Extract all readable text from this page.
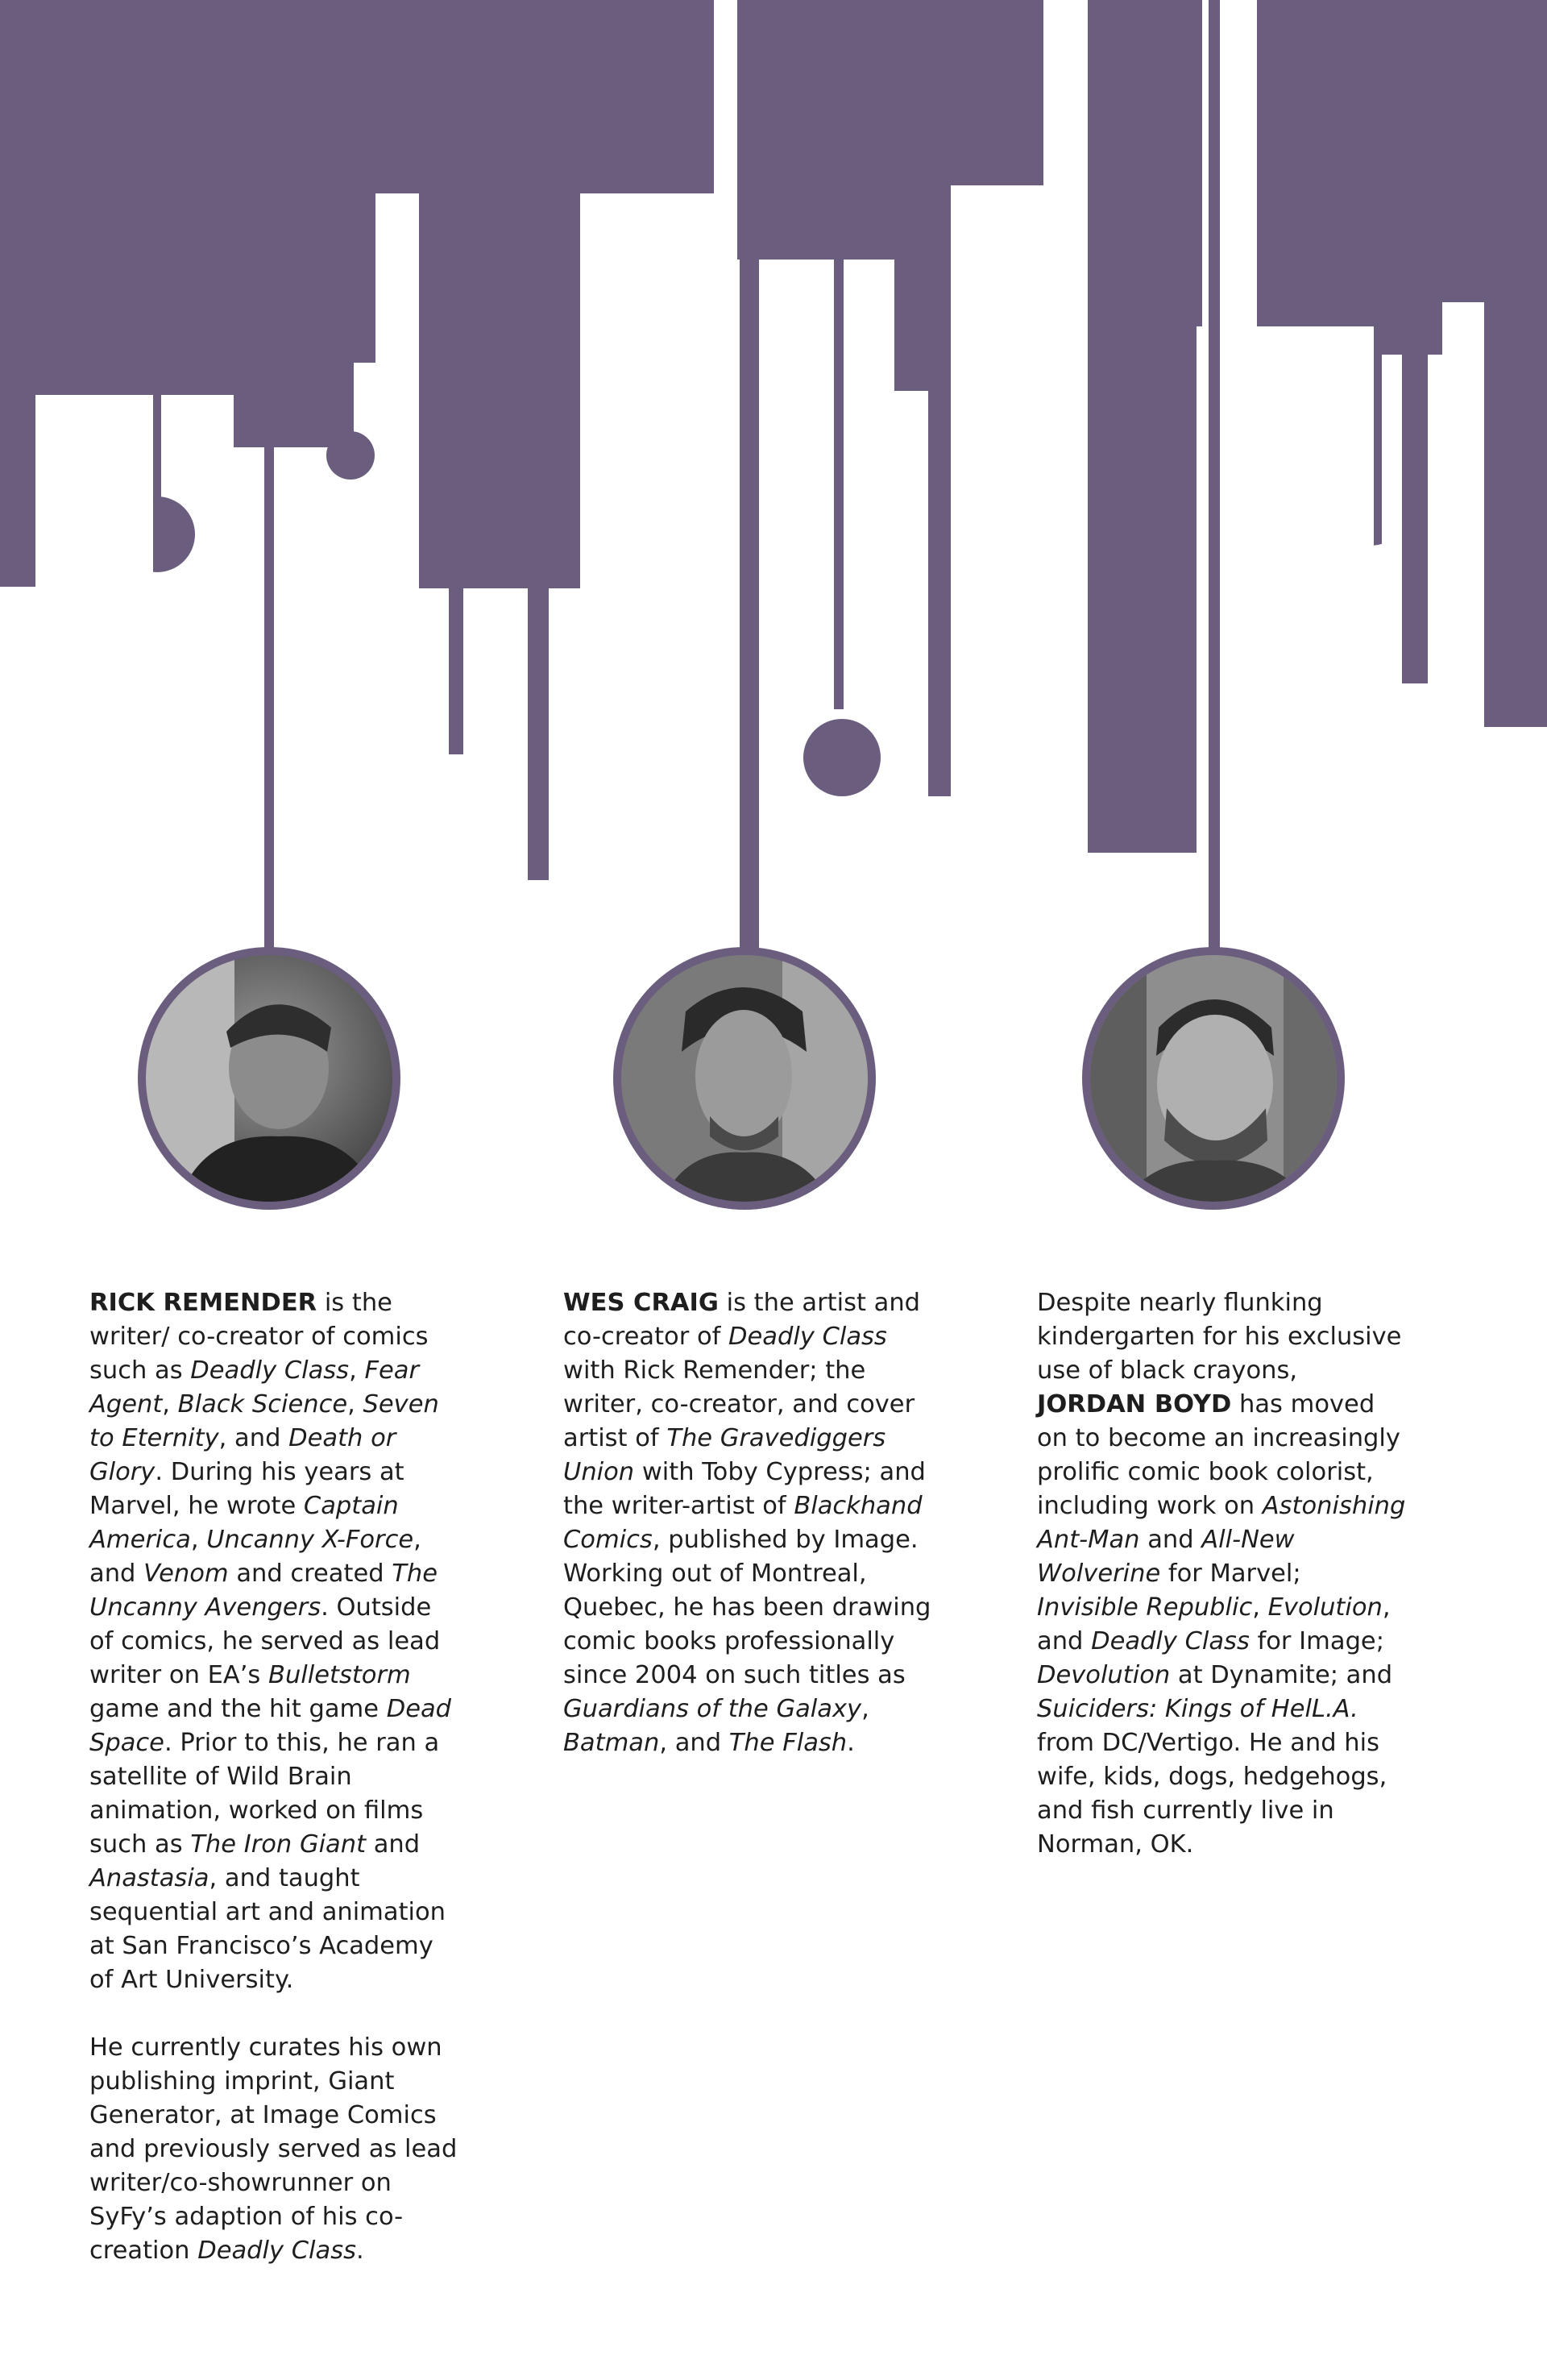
RICK REMENDER is the writer/ co-creator of comics such as Deadly Class, Fear Agent, Black Science, Seven to Eternity, and Death or Glory. During his years at Marvel, he wrote Captain America, Uncanny X-Force, and Venom and created The Uncanny Avengers. Outside of comics, he served as lead writer on EA’s Bulletstorm game and the hit game Dead Space. Prior to this, he ran a satellite of Wild Brain animation, worked on films such as The Iron Giant and Anastasia, and taught sequential art and animation at San Francisco’s Academy of Art University.

He currently curates his own publishing imprint, Giant Generator, at Image Comics and previously served as lead writer/co-showrunner on SyFy’s adaption of his co-creation Deadly Class.

WES CRAIG is the artist and co-creator of Deadly Class with Rick Remender; the writer, co-creator, and cover artist of The Gravediggers Union with Toby Cypress; and the writer-artist of Blackhand Comics, published by Image. Working out of Montreal, Quebec, he has been drawing comic books professionally since 2004 on such titles as Guardians of the Galaxy, Batman, and The Flash.

Despite nearly flunking kindergarten for his exclusive use of black crayons, JORDAN BOYD has moved on to become an increasingly prolific comic book colorist, including work on Astonishing Ant-Man and All-New Wolverine for Marvel; Invisible Republic, Evolution, and Deadly Class for Image; Devolution at Dynamite; and Suiciders: Kings of HelL.A. from DC/Vertigo. He and his wife, kids, dogs, hedgehogs, and fish currently live in Norman, OK.
